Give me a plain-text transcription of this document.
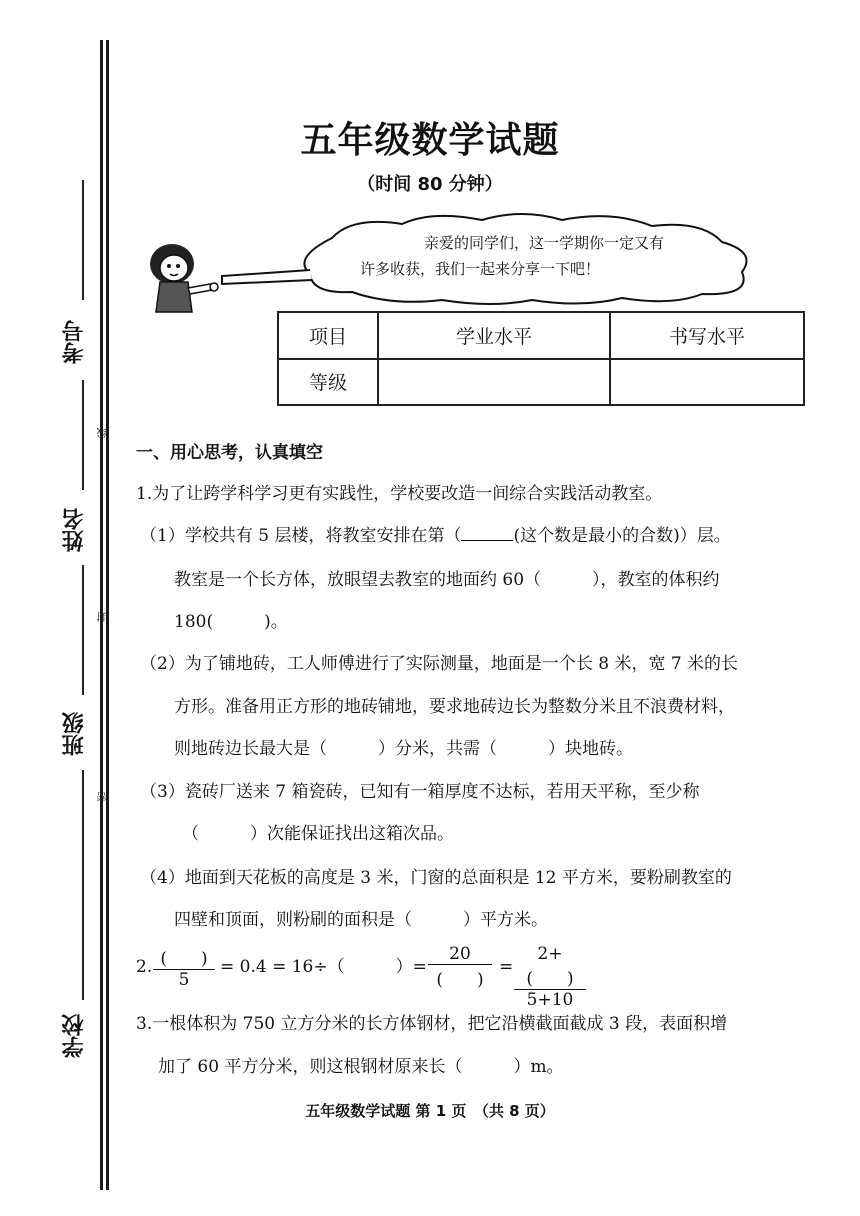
考号
线
姓名
封
班级
密
学校
五年级数学试题
（时间 80 分钟）
亲爱的同学们，这一学期你一定又有
许多收获，我们一起来分享一下吧！
项目	学业水平	书写水平
等级		
一、用心思考，认真填空
1.为了让跨学科学习更有实践性，学校要改造一间综合实践活动教室。
（1）学校共有 5 层楼，将教室安排在第（	(这个数是最小的合数)）层。
教室是一个长方体，放眼望去教室的地面约 60（　　　），教室的体积约
180(　　　)。
（2）为了铺地砖，工人师傅进行了实际测量，地面是一个长 8 米，宽 7 米的长
方形。准备用正方形的地砖铺地，要求地砖边长为整数分米且不浪费材料，
则地砖边长最大是（　　　）分米，共需（　　　）块地砖。
（3）瓷砖厂送来 7 箱瓷砖，已知有一箱厚度不达标，若用天平称，至少称
（　　　）次能保证找出这箱次品。
（4）地面到天花板的高度是 3 米，门窗的总面积是 12 平方米，要粉刷教室的
四壁和顶面，则粉刷的面积是（　　　）平方米。
2. (　　)
5
= 0.4 = 16÷（　　　）=
20
(　　)
= $\frac{2+( )}{5+10}$
3.一根体积为 750 立方分米的长方体钢材，把它沿横截面截成 3 段，表面积增
加了 60 平方分米，则这根钢材原来长（　　　）m。
五年级数学试题 第 1 页　（共 8 页）
